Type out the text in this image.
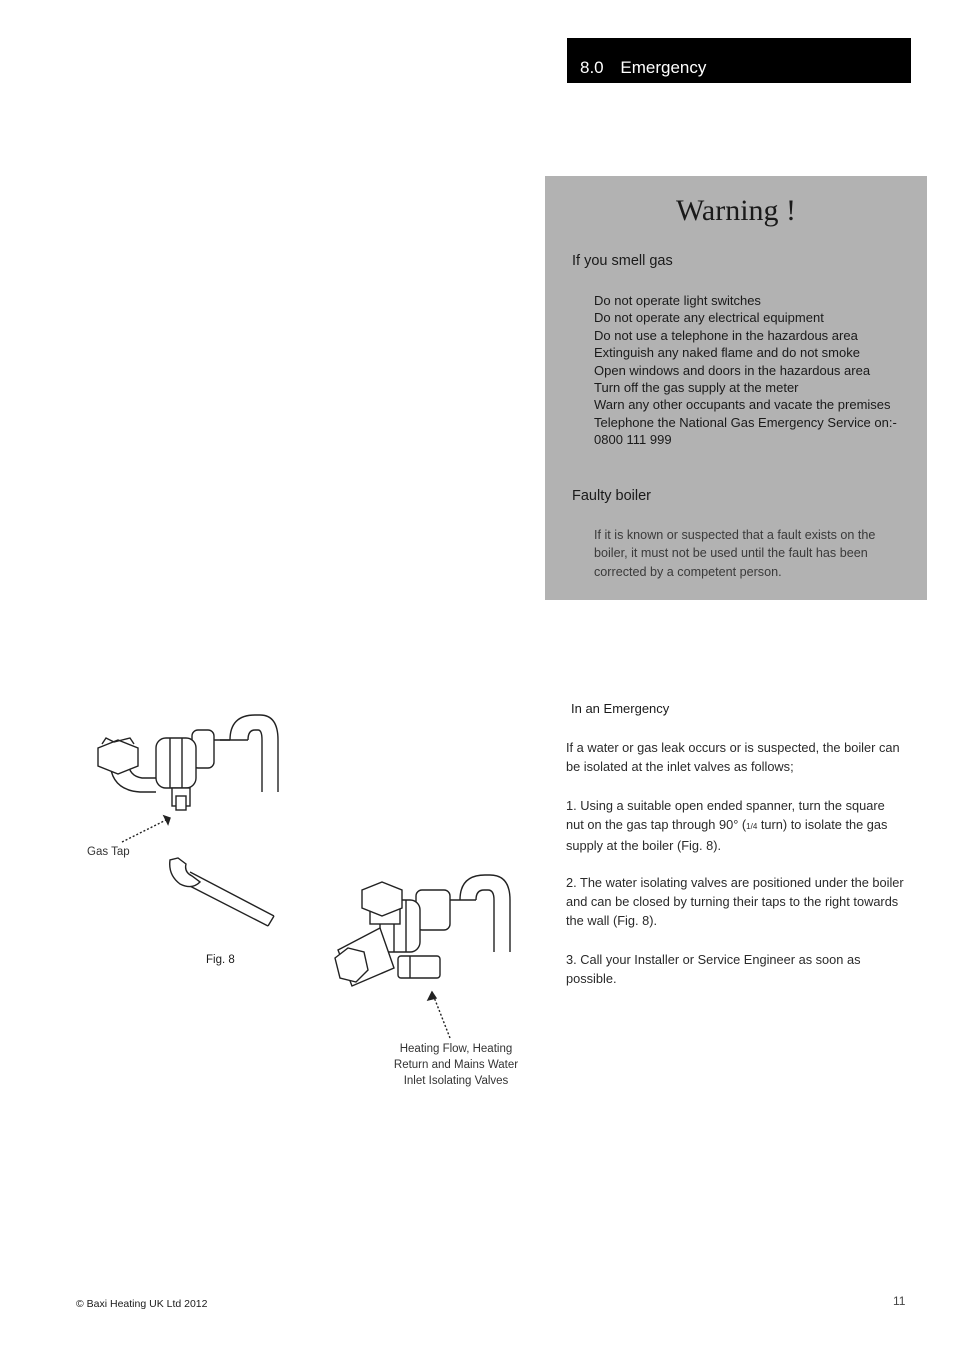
8.0 Emergency
Warning !
If you smell gas
Do not operate light switches
Do not operate any electrical equipment
Do not use a telephone in the hazardous area
Extinguish any naked flame and do not smoke
Open windows and doors in the hazardous area
Turn off the gas supply at the meter
Warn any other occupants and vacate the premises
Telephone the National Gas Emergency Service on:-
0800 111 999
Faulty boiler
If it is known or suspected that a fault exists on the boiler, it must not be used until the fault has been corrected by a competent person.
In an Emergency
If a water or gas leak occurs or is suspected, the boiler can be isolated at the inlet valves as follows;
1. Using a suitable open ended spanner, turn the square nut on the gas tap through 90° (1/4 turn) to isolate the gas supply at the boiler (Fig. 8).
2. The water isolating valves are positioned under the boiler and can be closed by turning their taps to the right towards the wall (Fig. 8).
3. Call your Installer or Service Engineer as soon as possible.
Gas Tap
Fig. 8
Heating Flow, Heating Return and Mains Water Inlet Isolating Valves
© Baxi Heating UK Ltd 2012	11
